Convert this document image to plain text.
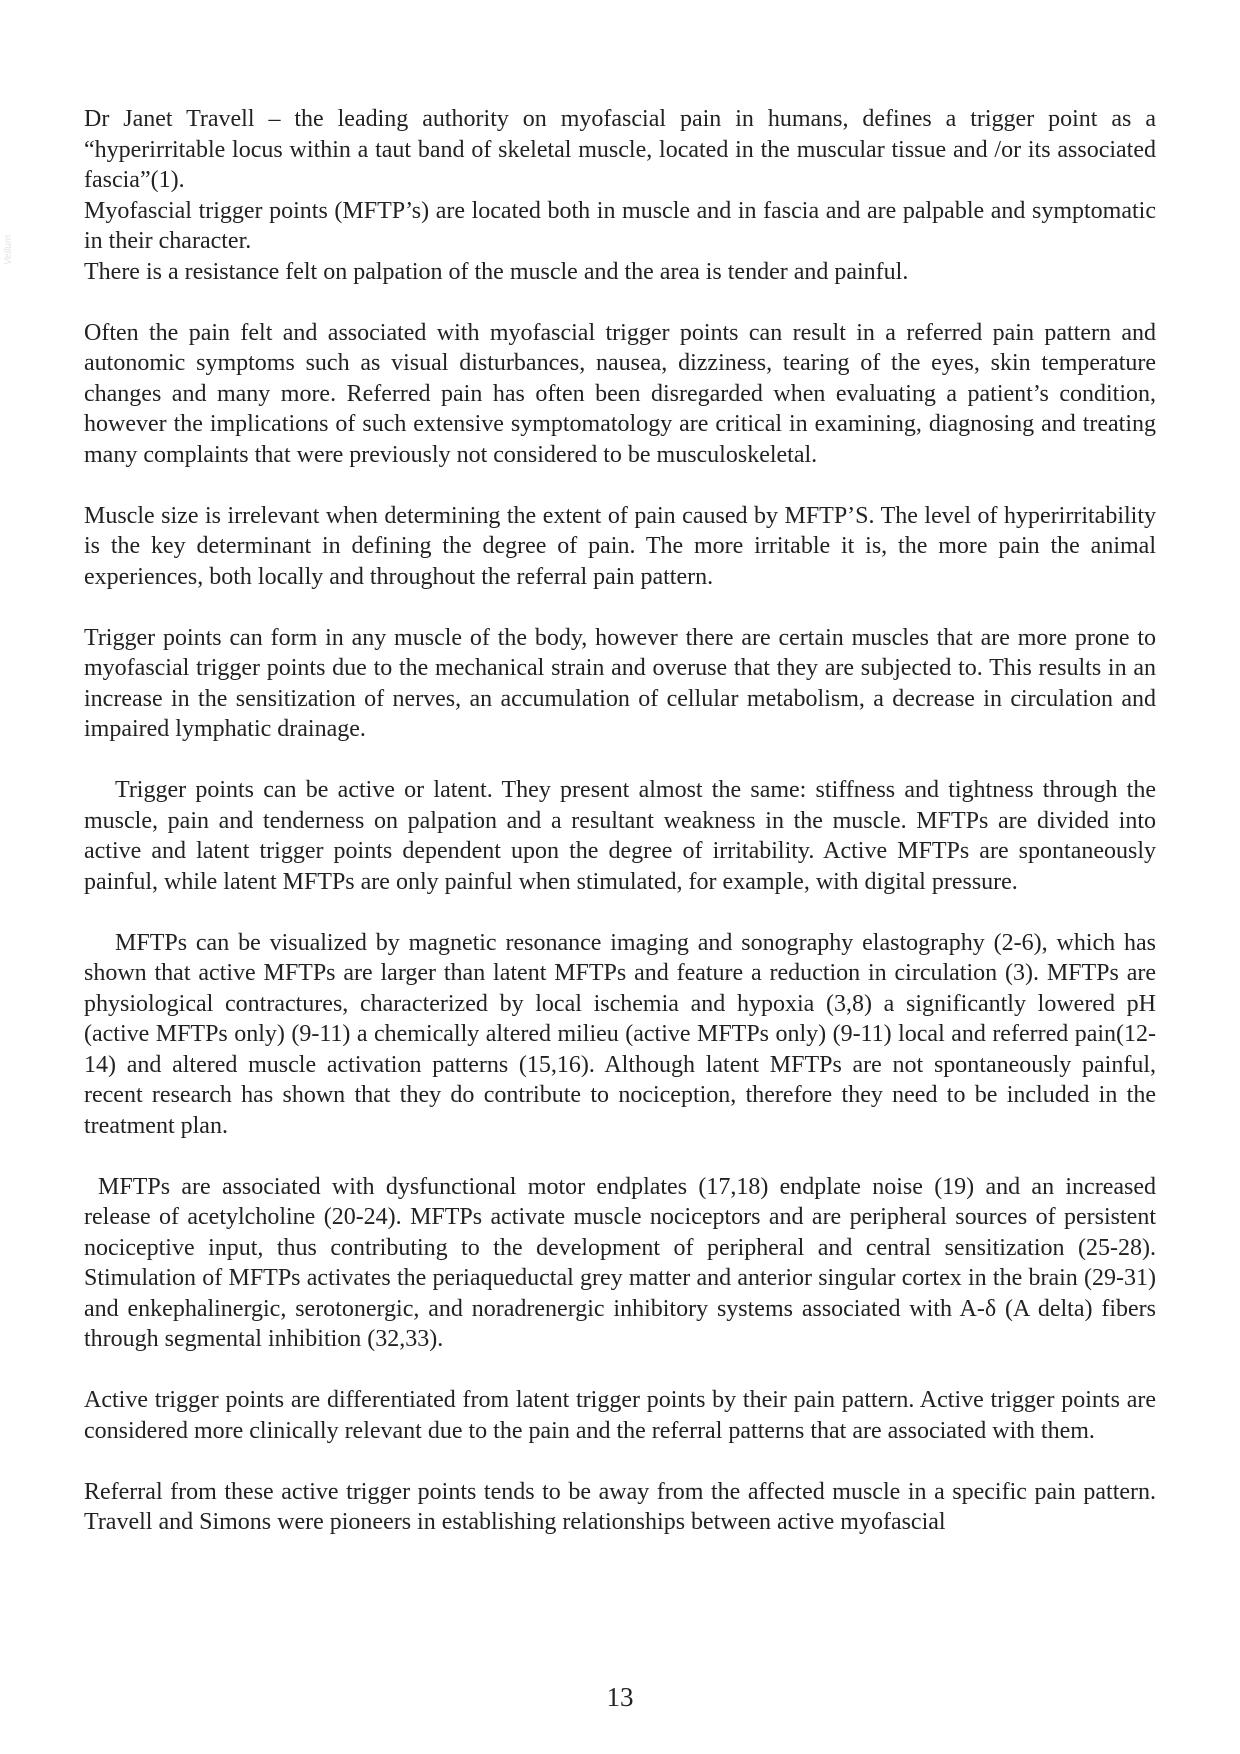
Vellum
Dr Janet Travell – the leading authority on myofascial pain in humans, defines a trigger point as a “hyperirritable locus within a taut band of skeletal muscle, located in the muscular tissue and /or its associated fascia”(1).
Myofascial trigger points (MFTP’s) are located both in muscle and in fascia and are palpable and symptomatic in their character.
There is a resistance felt on palpation of the muscle and the area is tender and painful.

Often the pain felt and associated with myofascial trigger points can result in a referred pain pattern and autonomic symptoms such as visual disturbances, nausea, dizziness, tearing of the eyes, skin temperature changes and many more. Referred pain has often been disregarded when evaluating a patient’s condition, however the implications of such extensive symptomatology are critical in examining, diagnosing and treating many complaints that were previously not considered to be musculoskeletal.

Muscle size is irrelevant when determining the extent of pain caused by MFTP’S. The level of hyperirritability is the key determinant in defining the degree of pain. The more irritable it is, the more pain the animal experiences, both locally and throughout the referral pain pattern.

Trigger points can form in any muscle of the body, however there are certain muscles that are more prone to myofascial trigger points due to the mechanical strain and overuse that they are subjected to. This results in an increase in the sensitization of nerves, an accumulation of cellular metabolism, a decrease in circulation and impaired lymphatic drainage.

Trigger points can be active or latent. They present almost the same: stiffness and tightness through the muscle, pain and tenderness on palpation and a resultant weakness in the muscle. MFTPs are divided into active and latent trigger points dependent upon the degree of irritability. Active MFTPs are spontaneously painful, while latent MFTPs are only painful when stimulated, for example, with digital pressure.

MFTPs can be visualized by magnetic resonance imaging and sonography elastography (2-6), which has shown that active MFTPs are larger than latent MFTPs and feature a reduction in circulation (3). MFTPs are physiological contractures, characterized by local ischemia and hypoxia (3,8) a significantly lowered pH (active MFTPs only) (9-11) a chemically altered milieu (active MFTPs only) (9-11) local and referred pain(12-14) and altered muscle activation patterns (15,16). Although latent MFTPs are not spontaneously painful, recent research has shown that they do contribute to nociception, therefore they need to be included in the treatment plan.

MFTPs are associated with dysfunctional motor endplates (17,18) endplate noise (19) and an increased release of acetylcholine (20-24). MFTPs activate muscle nociceptors and are peripheral sources of persistent nociceptive input, thus contributing to the development of peripheral and central sensitization (25-28). Stimulation of MFTPs activates the periaqueductal grey matter and anterior singular cortex in the brain (29-31) and enkephalinergic, serotonergic, and noradrenergic inhibitory systems associated with A-δ (A delta) fibers through segmental inhibition (32,33).

Active trigger points are differentiated from latent trigger points by their pain pattern. Active trigger points are considered more clinically relevant due to the pain and the referral patterns that are associated with them.

Referral from these active trigger points tends to be away from the affected muscle in a specific pain pattern. Travell and Simons were pioneers in establishing relationships between active myofascial

13
